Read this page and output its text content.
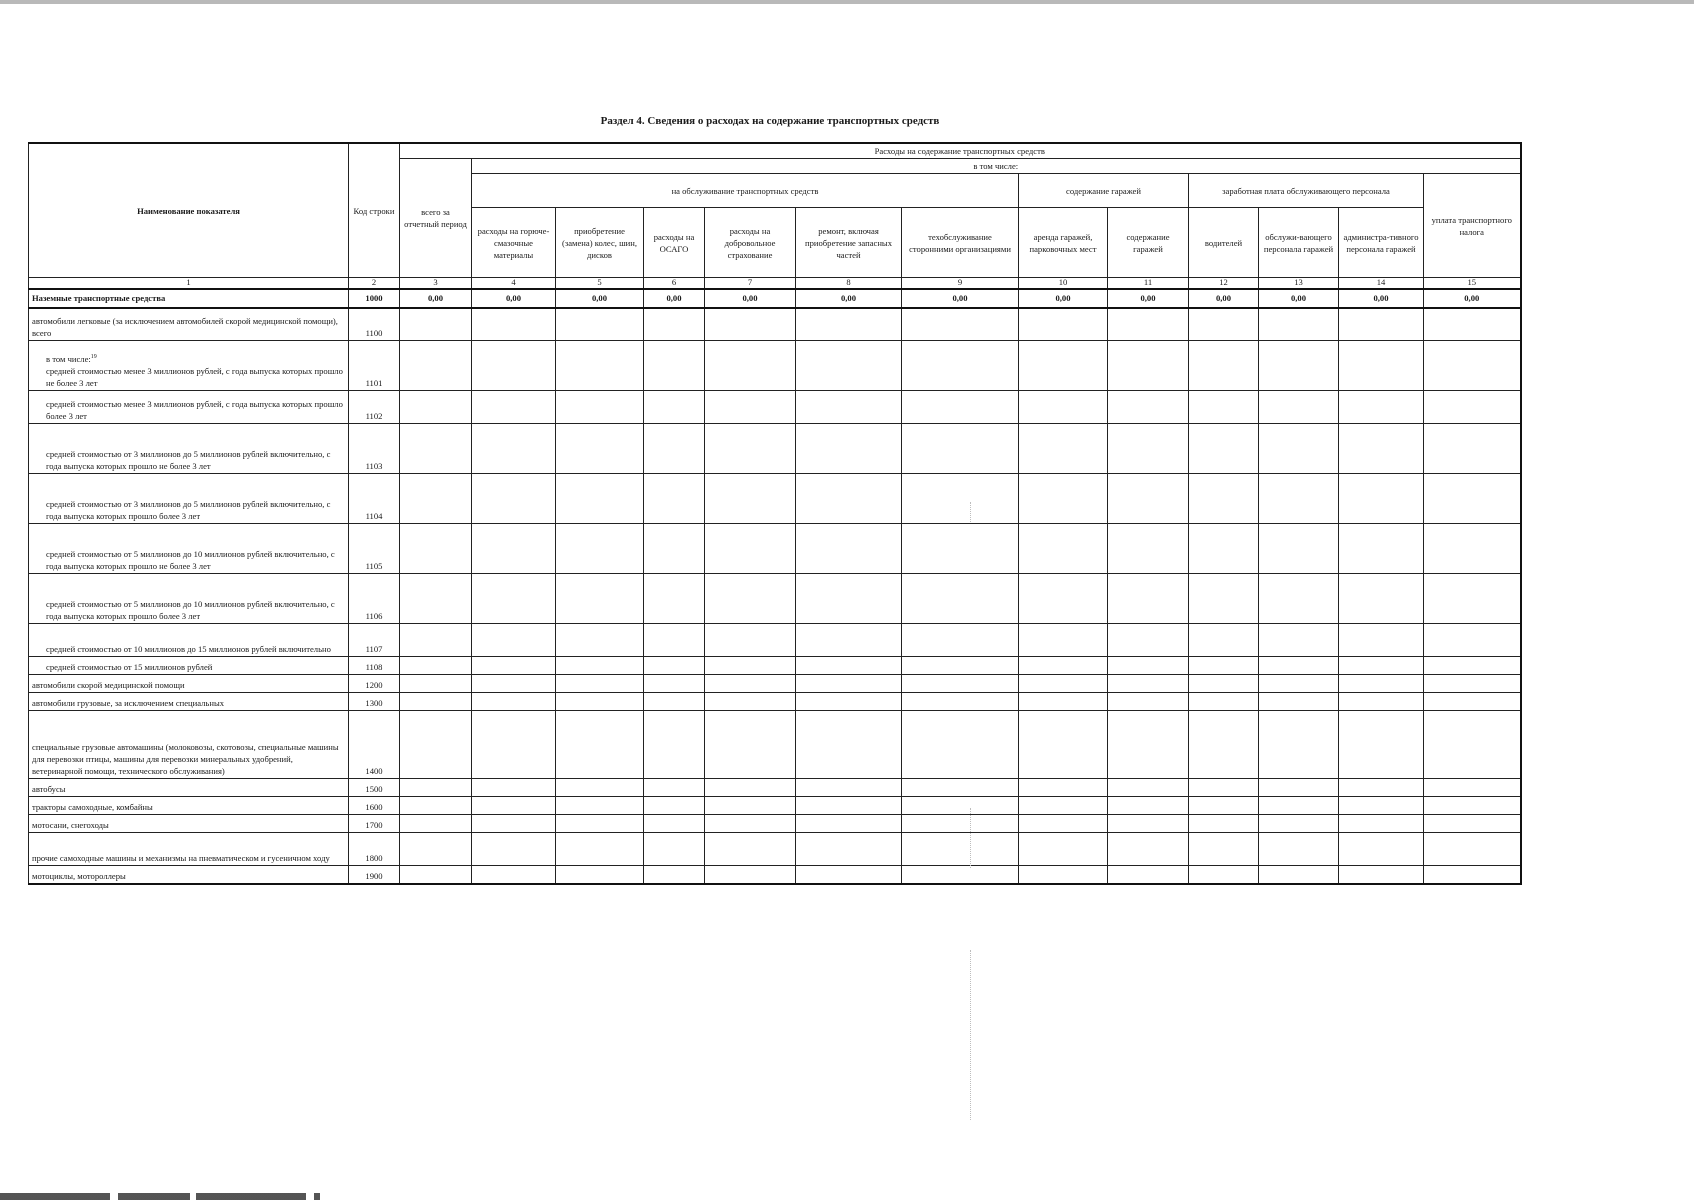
Раздел 4. Сведения о расходах на содержание транспортных средств
Наименование показателя	Код строки	Расходы на содержание транспортных средств												
		всего за отчетный период	в том числе:											
			на обслуживание транспортных средств						содержание гаражей		заработная плата обслуживающего персонала			уплата транспортного налога
			расходы на горюче-смазочные материалы	приобретение (замена) колес, шин, дисков	расходы на ОСАГО	расходы на добровольное страхование	ремонт, включая приобретение запасных частей	техобслуживание сторонними организациями	аренда гаражей, парковочных мест	содержание гаражей	водителей	обслужи-вающего персонала гаражей	администра-тивного персонала гаражей	
1	2	3	4	5	6	7	8	9	10	11	12	13	14	15
Наземные транспортные средства	1000	0,00	0,00	0,00	0,00	0,00	0,00	0,00	0,00	0,00	0,00	0,00	0,00	0,00
автомобили легковые (за исключением автомобилей скорой медицинской помощи), всего	1100													
в том числе:$^{19}$
средней стоимостью менее 3 миллионов рублей, с года выпуска которых прошло не более 3 лет	1101													
средней стоимостью менее 3 миллионов рублей, с года выпуска которых прошло более 3 лет	1102													
средней стоимостью от 3 миллионов до 5 миллионов рублей включительно, с года выпуска которых прошло не более 3 лет	1103													
средней стоимостью от 3 миллионов до 5 миллионов рублей включительно, с года выпуска которых прошло более 3 лет	1104													
средней стоимостью от 5 миллионов до 10 миллионов рублей включительно, с года выпуска которых прошло не более 3 лет	1105													
средней стоимостью от 5 миллионов до 10 миллионов рублей включительно, с года выпуска которых прошло более 3 лет	1106													
средней стоимостью от 10 миллионов до 15 миллионов рублей включительно	1107													
средней стоимостью от 15 миллионов рублей	1108													
автомобили скорой медицинской помощи	1200													
автомобили грузовые, за исключением специальных	1300													
специальные грузовые автомашины (молоковозы, скотовозы, специальные машины для перевозки птицы, машины для перевозки минеральных удобрений, ветеринарной помощи, технического обслуживания)	1400													
автобусы	1500													
тракторы самоходные, комбайны	1600													
мотосани, снегоходы	1700													
прочие самоходные машины и механизмы на пневматическом и гусеничном ходу	1800													
мотоциклы, мотороллеры	1900													
